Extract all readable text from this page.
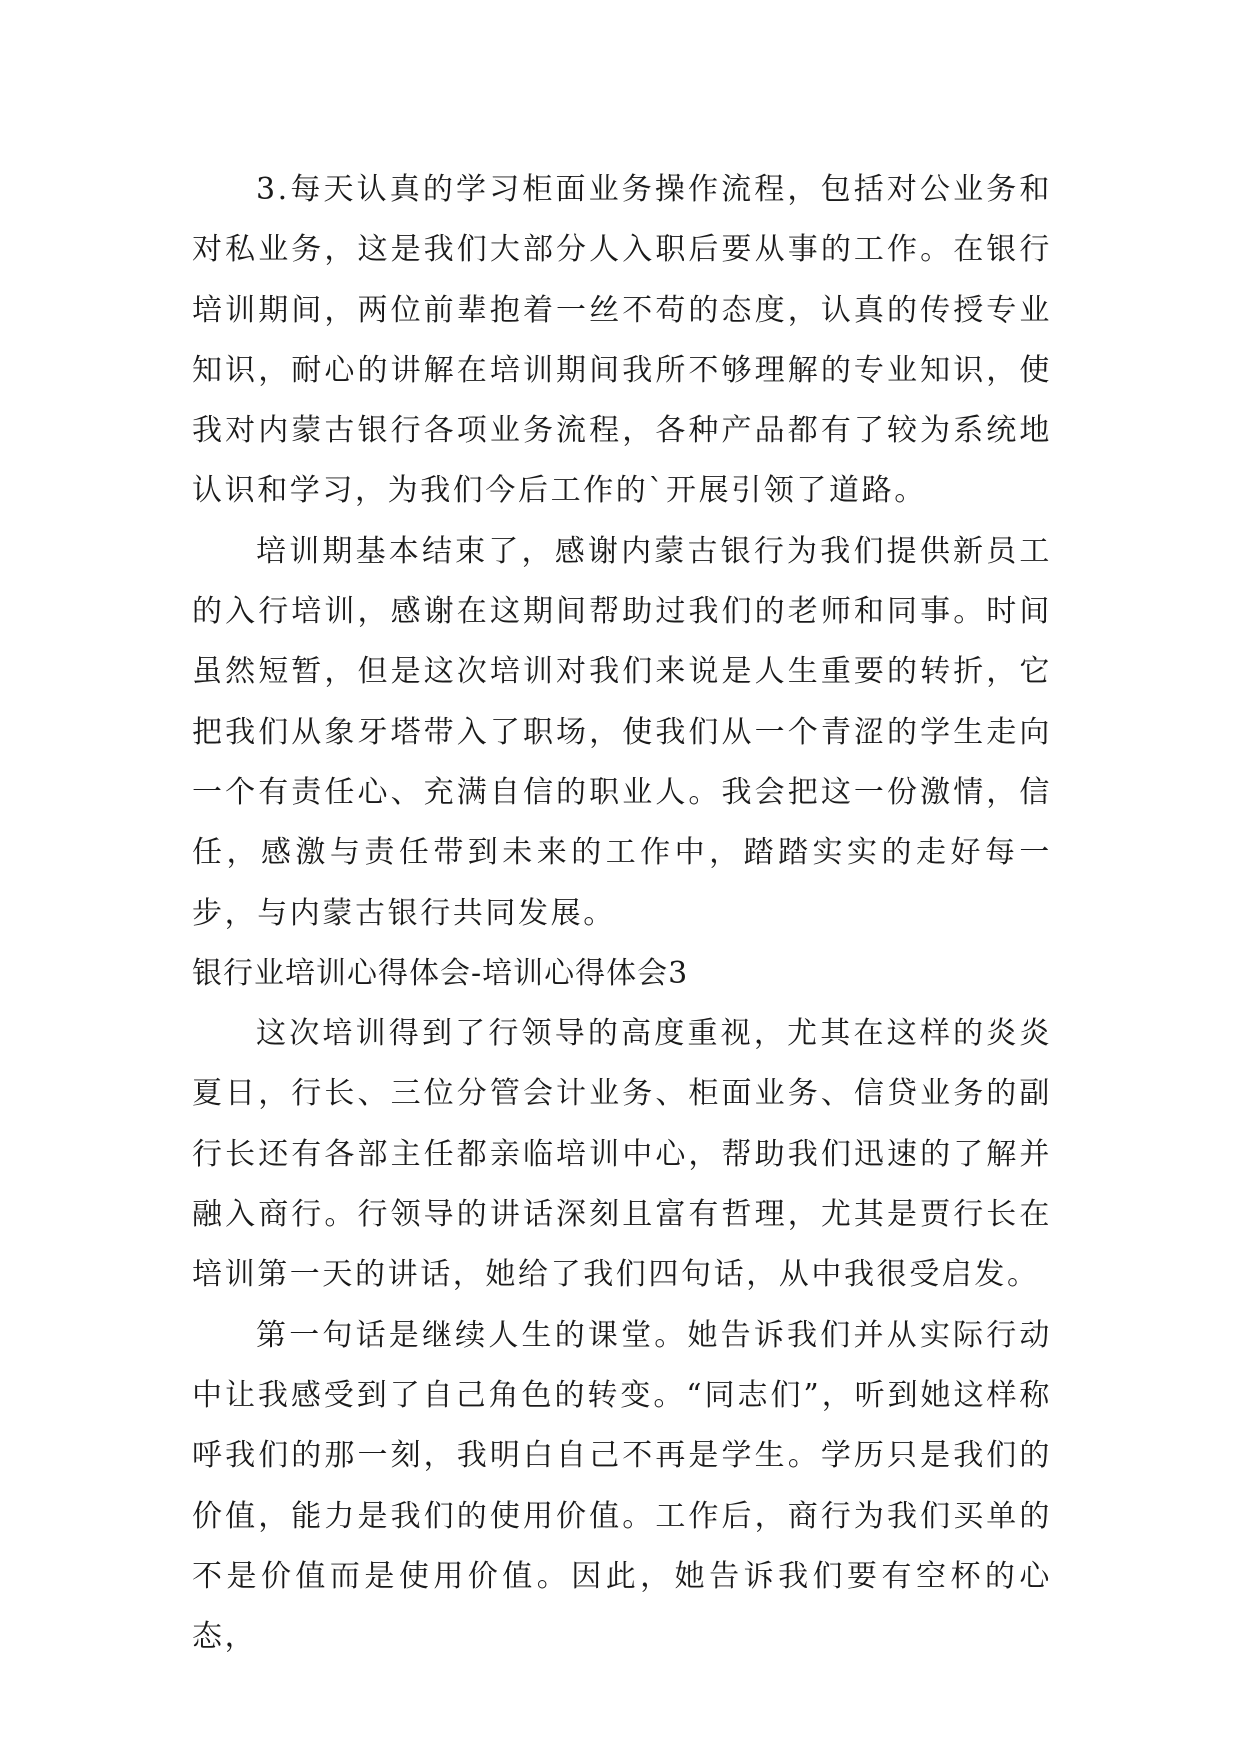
3.每天认真的学习柜面业务操作流程，包括对公业务和对私业务，这是我们大部分人入职后要从事的工作。在银行培训期间，两位前辈抱着一丝不苟的态度，认真的传授专业知识，耐心的讲解在培训期间我所不够理解的专业知识，使我对内蒙古银行各项业务流程，各种产品都有了较为系统地认识和学习，为我们今后工作的`开展引领了道路。

培训期基本结束了，感谢内蒙古银行为我们提供新员工的入行培训，感谢在这期间帮助过我们的老师和同事。时间虽然短暂，但是这次培训对我们来说是人生重要的转折，它把我们从象牙塔带入了职场，使我们从一个青涩的学生走向一个有责任心、充满自信的职业人。我会把这一份激情，信任，感激与责任带到未来的工作中，踏踏实实的走好每一步，与内蒙古银行共同发展。

银行业培训心得体会-培训心得体会3

这次培训得到了行领导的高度重视，尤其在这样的炎炎夏日，行长、三位分管会计业务、柜面业务、信贷业务的副行长还有各部主任都亲临培训中心，帮助我们迅速的了解并融入商行。行领导的讲话深刻且富有哲理，尤其是贾行长在培训第一天的讲话，她给了我们四句话，从中我很受启发。

第一句话是继续人生的课堂。她告诉我们并从实际行动中让我感受到了自己角色的转变。“同志们”，听到她这样称呼我们的那一刻，我明白自己不再是学生。学历只是我们的价值，能力是我们的使用价值。工作后，商行为我们买单的不是价值而是使用价值。因此，她告诉我们要有空杯的心态，
